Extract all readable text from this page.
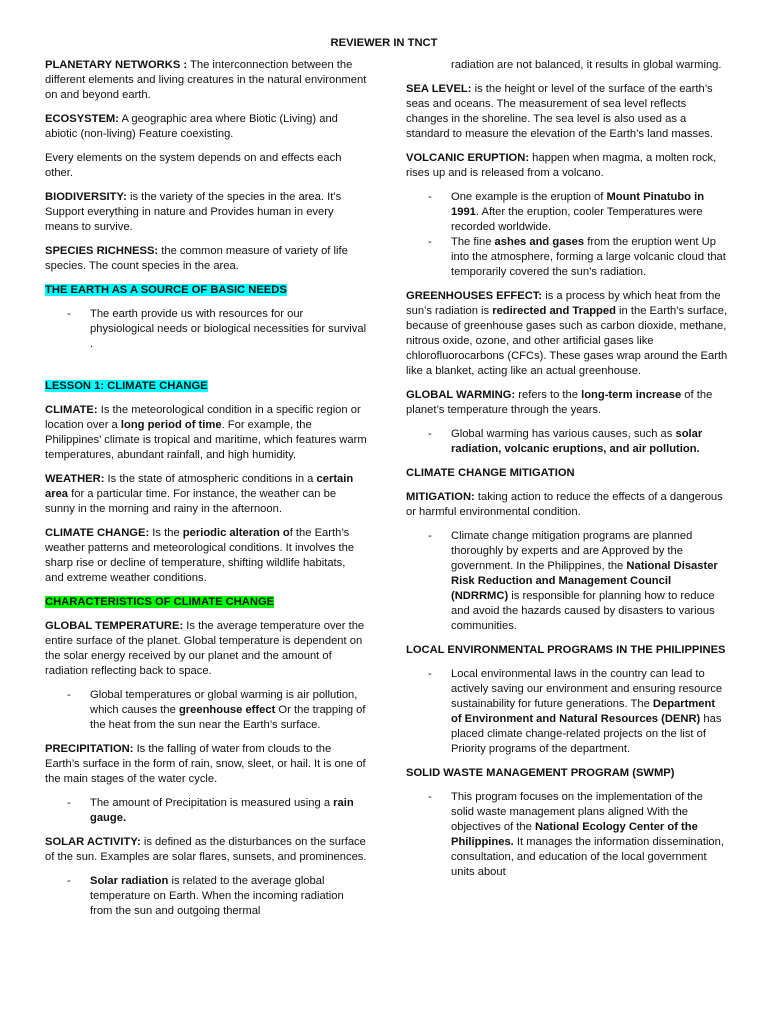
REVIEWER IN TNCT

PLANETARY NETWORKS : The interconnection between the different elements and living creatures in the natural environment on and beyond earth.

ECOSYSTEM: A geographic area where Biotic (Living) and abiotic (non-living) Feature coexisting.

Every elements on the system depends on and effects each other.

BIODIVERSITY: is the variety of the species in the area. It’s Support everything in nature and Provides human in every means to survive.

SPECIES RICHNESS: the common measure of variety of life species. The count species in the area.

THE EARTH AS A SOURCE OF BASIC NEEDS

- The earth provide us with resources for our physiological needs or biological necessities for survival .

LESSON 1: CLIMATE CHANGE

CLIMATE: Is the meteorological condition in a specific region or location over a long period of time. For example, the Philippines’ climate is tropical and maritime, which features warm temperatures, abundant rainfall, and high humidity.

WEATHER: Is the state of atmospheric conditions in a certain area for a particular time. For instance, the weather can be sunny in the morning and rainy in the afternoon.

CLIMATE CHANGE: Is the periodic alteration of the Earth’s weather patterns and meteorological conditions. It involves the sharp rise or decline of temperature, shifting wildlife habitats, and extreme weather conditions.

CHARACTERISTICS OF CLIMATE CHANGE

GLOBAL TEMPERATURE: Is the average temperature over the entire surface of the planet. Global temperature is dependent on the solar energy received by our planet and the amount of radiation reflecting back to space.

- Global temperatures or global warming is air pollution, which causes the greenhouse effect Or the trapping of the heat from the sun near the Earth’s surface.

PRECIPITATION: Is the falling of water from clouds to the Earth’s surface in the form of rain, snow, sleet, or hail. It is one of the main stages of the water cycle.

- The amount of Precipitation is measured using a rain gauge.

SOLAR ACTIVITY: is defined as the disturbances on the surface of the sun. Examples are solar flares, sunsets, and prominences.

- Solar radiation is related to the average global temperature on Earth. When the incoming radiation from the sun and outgoing thermal

radiation are not balanced, it results in global warming.

SEA LEVEL: is the height or level of the surface of the earth’s seas and oceans. The measurement of sea level reflects changes in the shoreline. The sea level is also used as a standard to measure the elevation of the Earth’s land masses.

VOLCANIC ERUPTION: happen when magma, a molten rock, rises up and is released from a volcano.

- One example is the eruption of Mount Pinatubo in 1991. After the eruption, cooler Temperatures were recorded worldwide.
- The fine ashes and gases from the eruption went Up into the atmosphere, forming a large volcanic cloud that temporarily covered the sun’s radiation.

GREENHOUSES EFFECT: is a process by which heat from the sun’s radiation is redirected and Trapped in the Earth’s surface, because of greenhouse gases such as carbon dioxide, methane, nitrous oxide, ozone, and other artificial gases like chlorofluorocarbons (CFCs). These gases wrap around the Earth like a blanket, acting like an actual greenhouse.

GLOBAL WARMING: refers to the long-term increase of the planet’s temperature through the years.

- Global warming has various causes, such as solar radiation, volcanic eruptions, and air pollution.

CLIMATE CHANGE MITIGATION

MITIGATION: taking action to reduce the effects of a dangerous or harmful environmental condition.

- Climate change mitigation programs are planned thoroughly by experts and are Approved by the government. In the Philippines, the National Disaster Risk Reduction and Management Council (NDRRMC) is responsible for planning how to reduce and avoid the hazards caused by disasters to various communities.

LOCAL ENVIRONMENTAL PROGRAMS IN THE PHILIPPINES

- Local environmental laws in the country can lead to actively saving our environment and ensuring resource sustainability for future generations. The Department of Environment and Natural Resources (DENR) has placed climate change-related projects on the list of Priority programs of the department.

SOLID WASTE MANAGEMENT PROGRAM (SWMP)

- This program focuses on the implementation of the solid waste management plans aligned With the objectives of the National Ecology Center of the Philippines. It manages the information dissemination, consultation, and education of the local government units about
